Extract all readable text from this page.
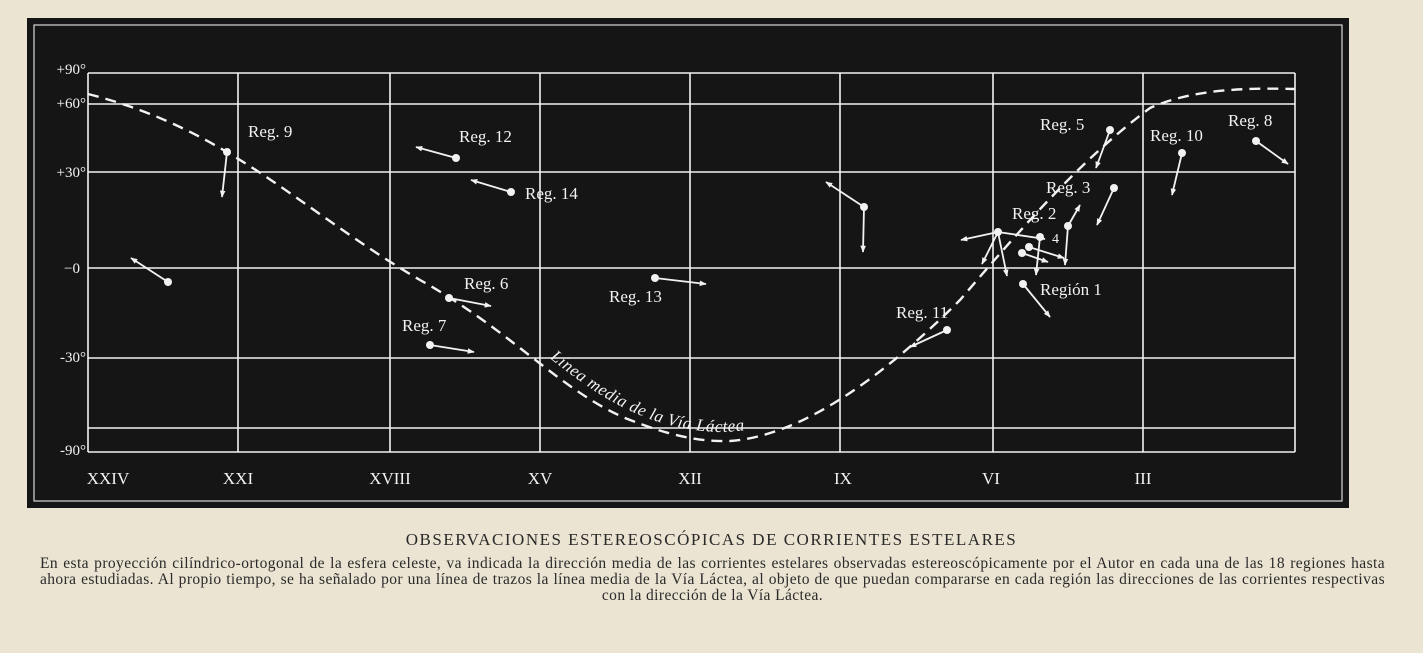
+90°
+60°
+30°
−0
-30°
-90°
XXIV	XXI	XVIII	XV	XII	IX	VI	III
Línea media de la Vía Láctea
Reg. 9	Reg. 12
Reg. 14
Reg. 6
Reg. 7
Reg. 13
Reg. 11
Reg. 5
Reg. 3
Reg. 2
4
Región 1
Reg. 10
Reg. 8
OBSERVACIONES ESTEREOSCÓPICAS DE CORRIENTES ESTELARES
En esta proyección cilíndrico-ortogonal de la esfera celeste, va indicada la dirección media de las corrientes estelares observadas estereoscópicamente por el Autor en cada una de las 18 regiones hasta ahora estudiadas. Al propio tiempo, se ha señalado por una línea de trazos la línea media de la Vía Láctea, al objeto de que puedan compararse en cada región las direcciones de las corrientes respectivas con la dirección de la Vía Láctea.
